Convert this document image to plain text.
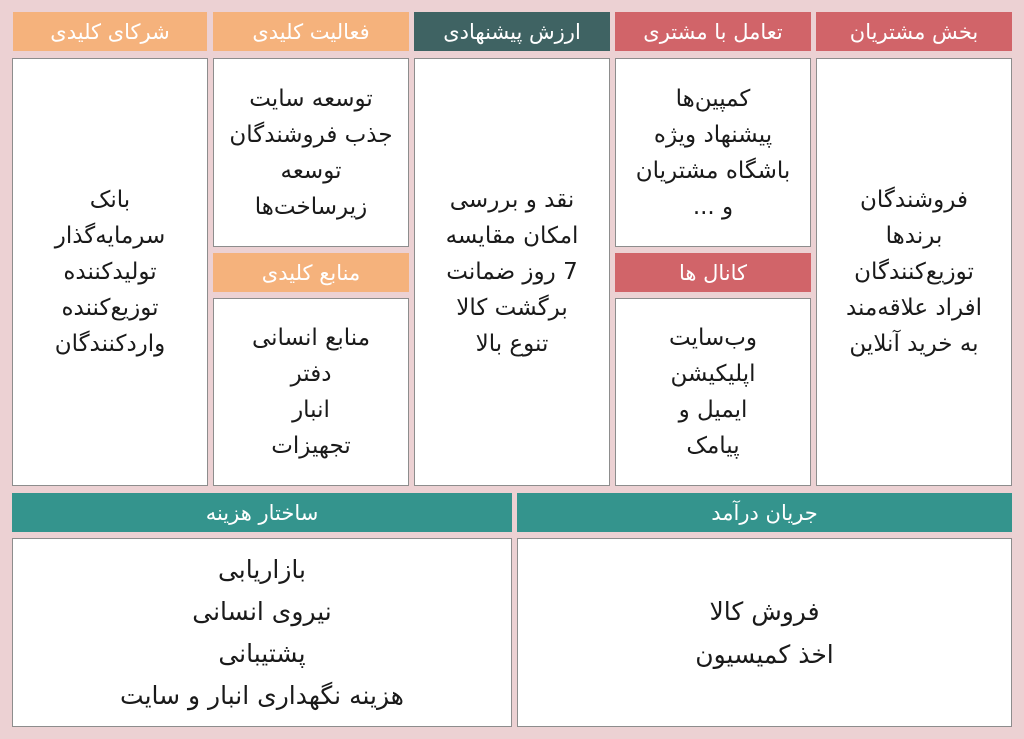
شرکای کلیدی	فعالیت کلیدی	ارزش پیشنهادی	تعامل با مشتری	بخش مشتریان
بانک
سرمایه‌گذار
تولیدکننده
توزیع‌کننده
واردکنندگان
توسعه سایت
جذب فروشندگان
توسعه
زیرساخت‌ها
منابع کلیدی
منابع انسانی
دفتر
انبار
تجهیزات
نقد و بررسی
امکان مقایسه
7 روز ضمانت
برگشت کالا
تنوع بالا
کمپین‌ها
پیشنهاد ویژه
باشگاه مشتریان
و ...
کانال ها
وب‌سایت
اپلیکیشن
ایمیل و
پیامک
فروشندگان
برندها
توزیع‌کنندگان
افراد علاقه‌مند
به خرید آنلاین
ساختار هزینه	جریان درآمد
بازاریابی
نیروی انسانی
پشتیبانی
هزینه نگهداری انبار و سایت
فروش کالا
اخذ کمیسیون
